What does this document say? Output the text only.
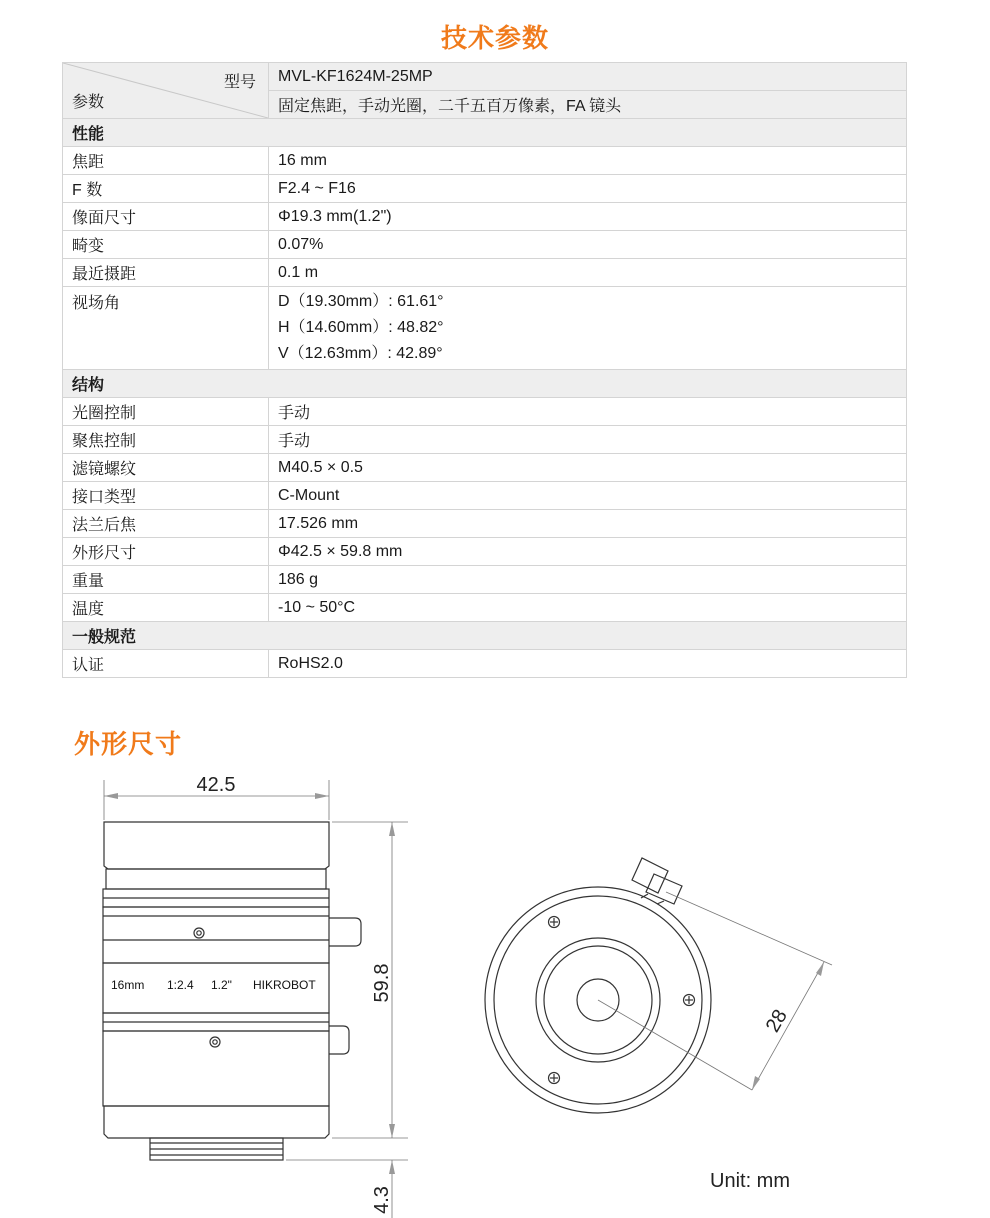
技术参数
型号
参数	MVL-KF1624M-25MP
	固定焦距，手动光圈，二千五百万像素，FA 镜头
性能	
焦距	16 mm
F 数	F2.4 ~ F16
像面尺寸	Φ19.3 mm(1.2")
畸变	0.07%
最近摄距	0.1 m
视场角	D（19.30mm）: 61.61°
H（14.60mm）: 48.82°
V（12.63mm）: 42.89°

结构	
光圈控制	手动
聚焦控制	手动
滤镜螺纹	M40.5 × 0.5
接口类型	C-Mount
法兰后焦	17.526 mm
外形尺寸	Φ42.5 × 59.8 mm
重量	186 g
温度	-10 ~ 50°C
一般规范	
认证	RoHS2.0
外形尺寸
42.5
59.8
4.3
28
16mm 1:2.4 1.2" HIKROBOT
Unit: mm
